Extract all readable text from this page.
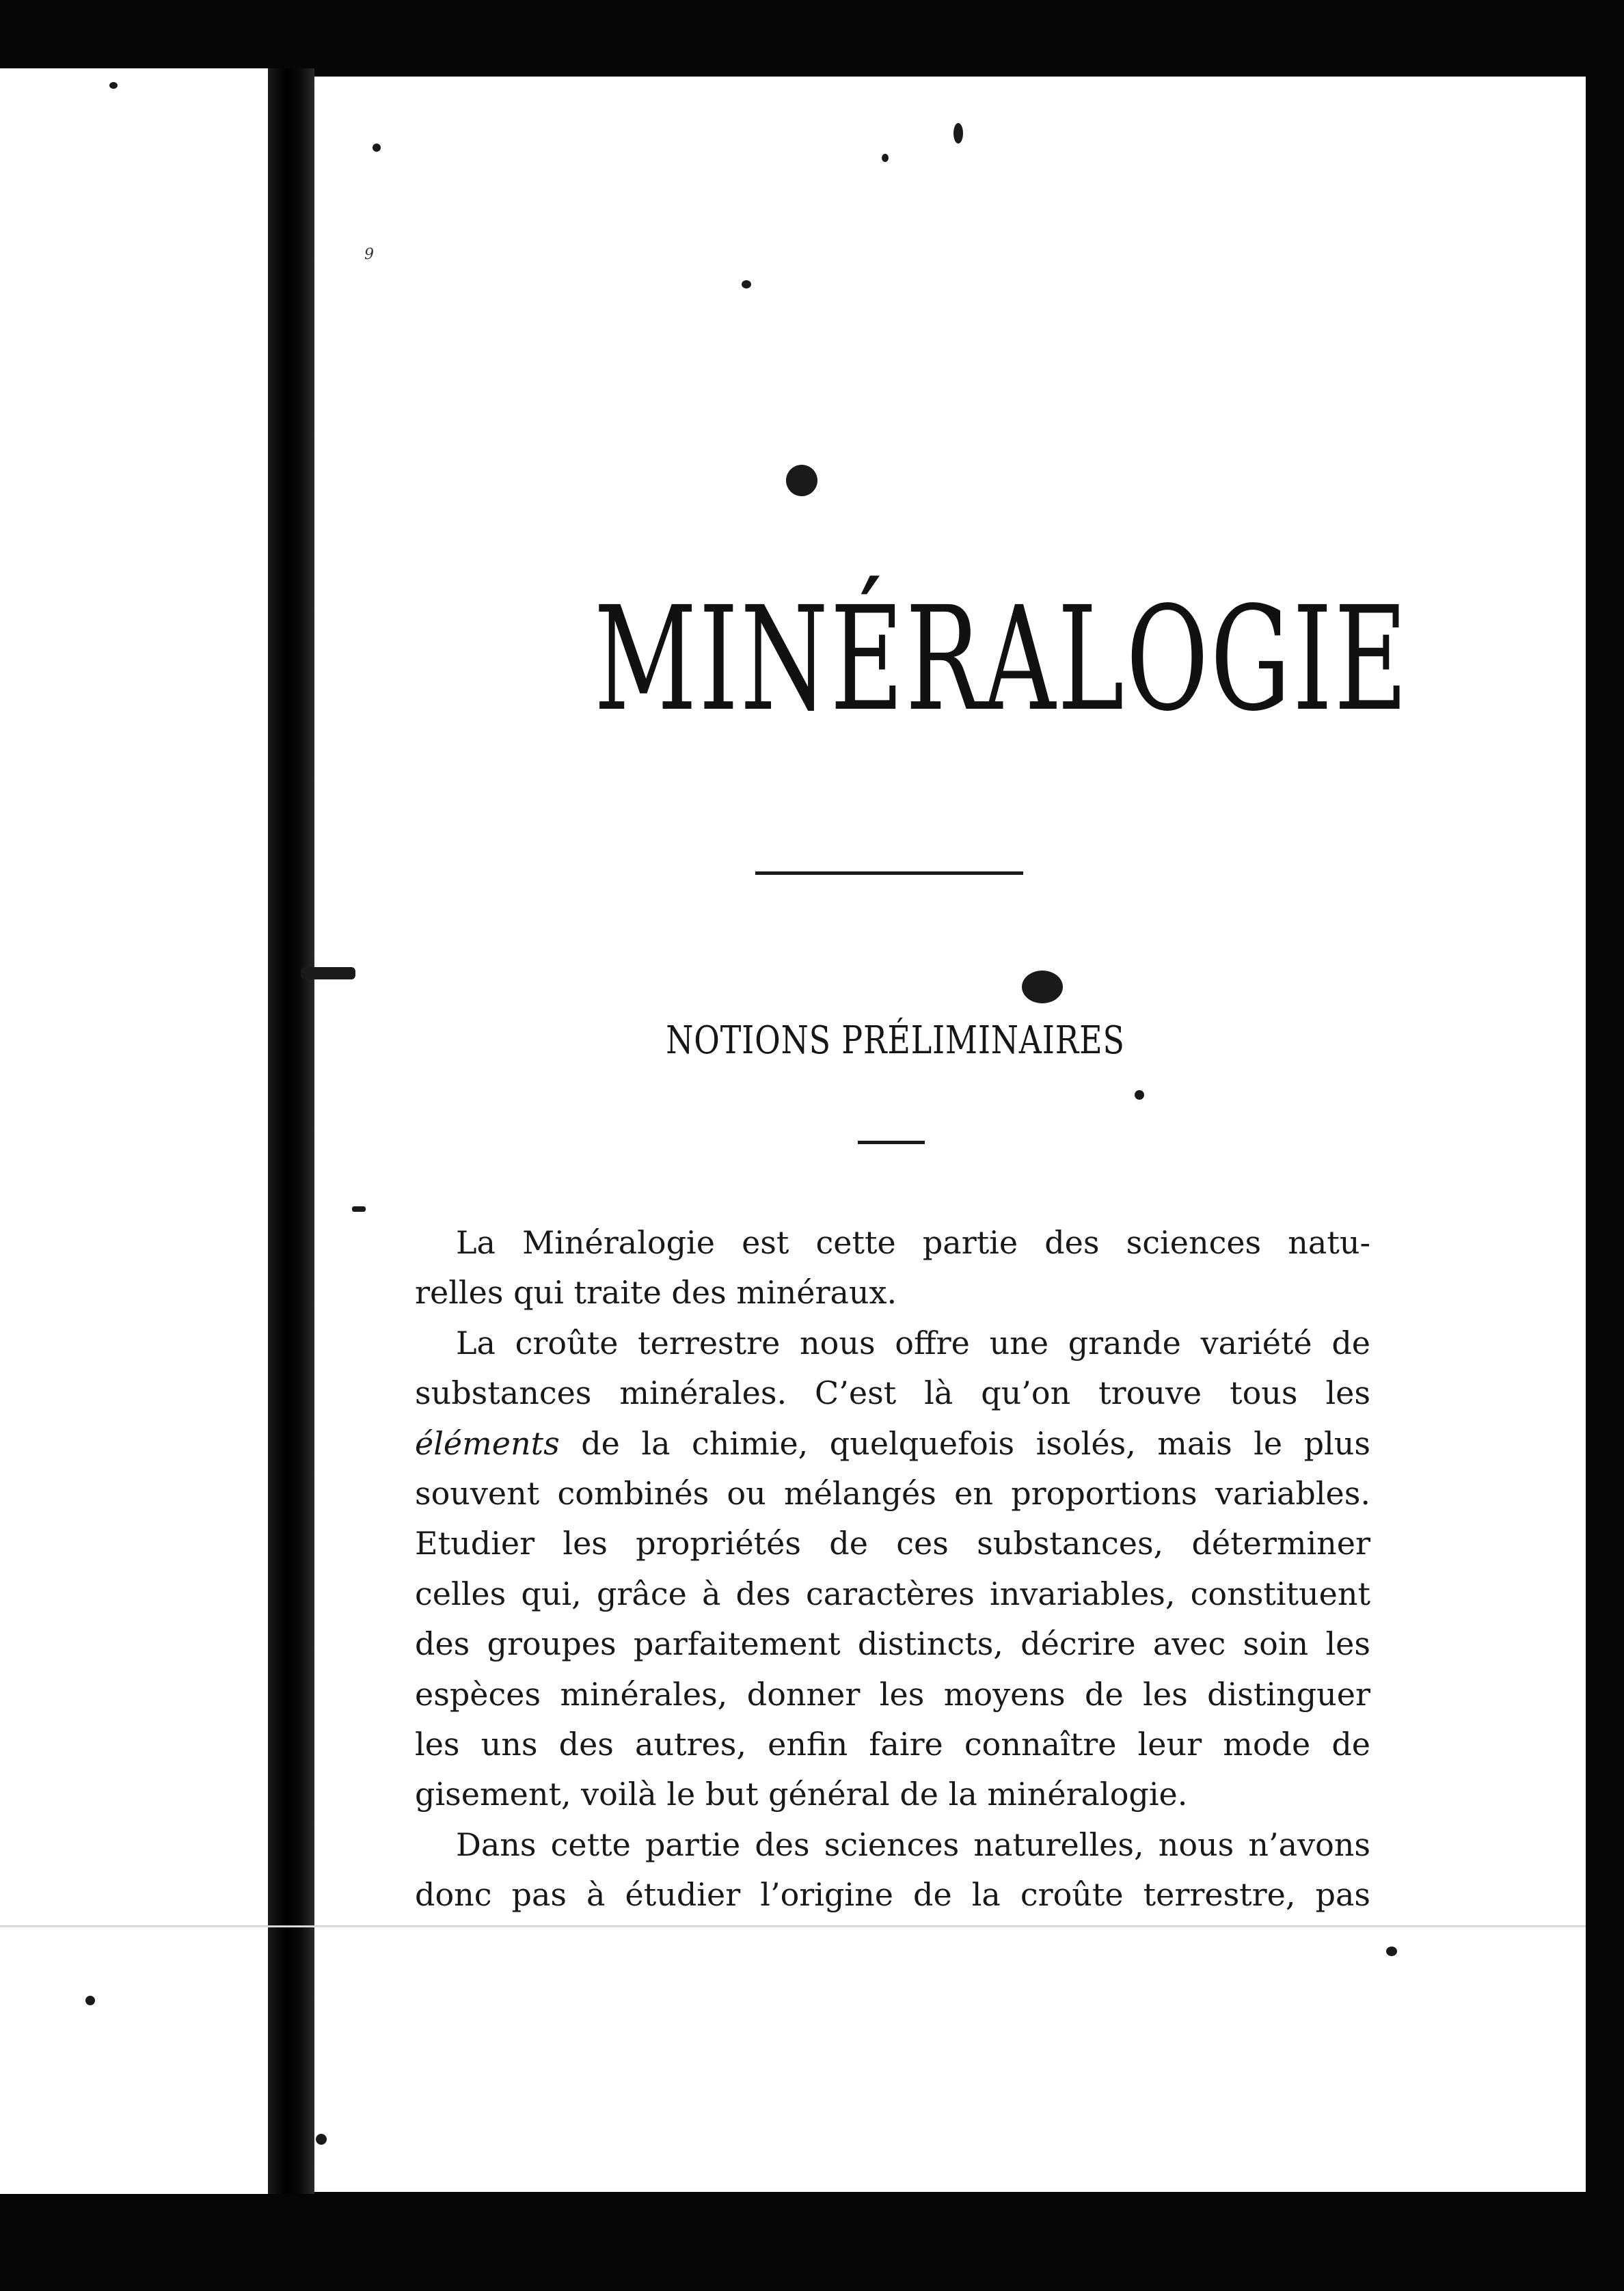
9
MINÉRALOGIE
NOTIONS PRÉLIMINAIRES
La Minéralogie est cette partie des sciences natu-
relles qui traite des minéraux.
La croûte terrestre nous offre une grande variété de
substances minérales. C’est là qu’on trouve tous les
éléments de la chimie, quelquefois isolés, mais le plus
souvent combinés ou mélangés en proportions variables.
Etudier les propriétés de ces substances, déterminer
celles qui, grâce à des caractères invariables, constituent
des groupes parfaitement distincts, décrire avec soin les
espèces minérales, donner les moyens de les distinguer
les uns des autres, enfin faire connaître leur mode de
gisement, voilà le but général de la minéralogie.
Dans cette partie des sciences naturelles, nous n’avons
donc pas à étudier l’origine de la croûte terrestre, pas
